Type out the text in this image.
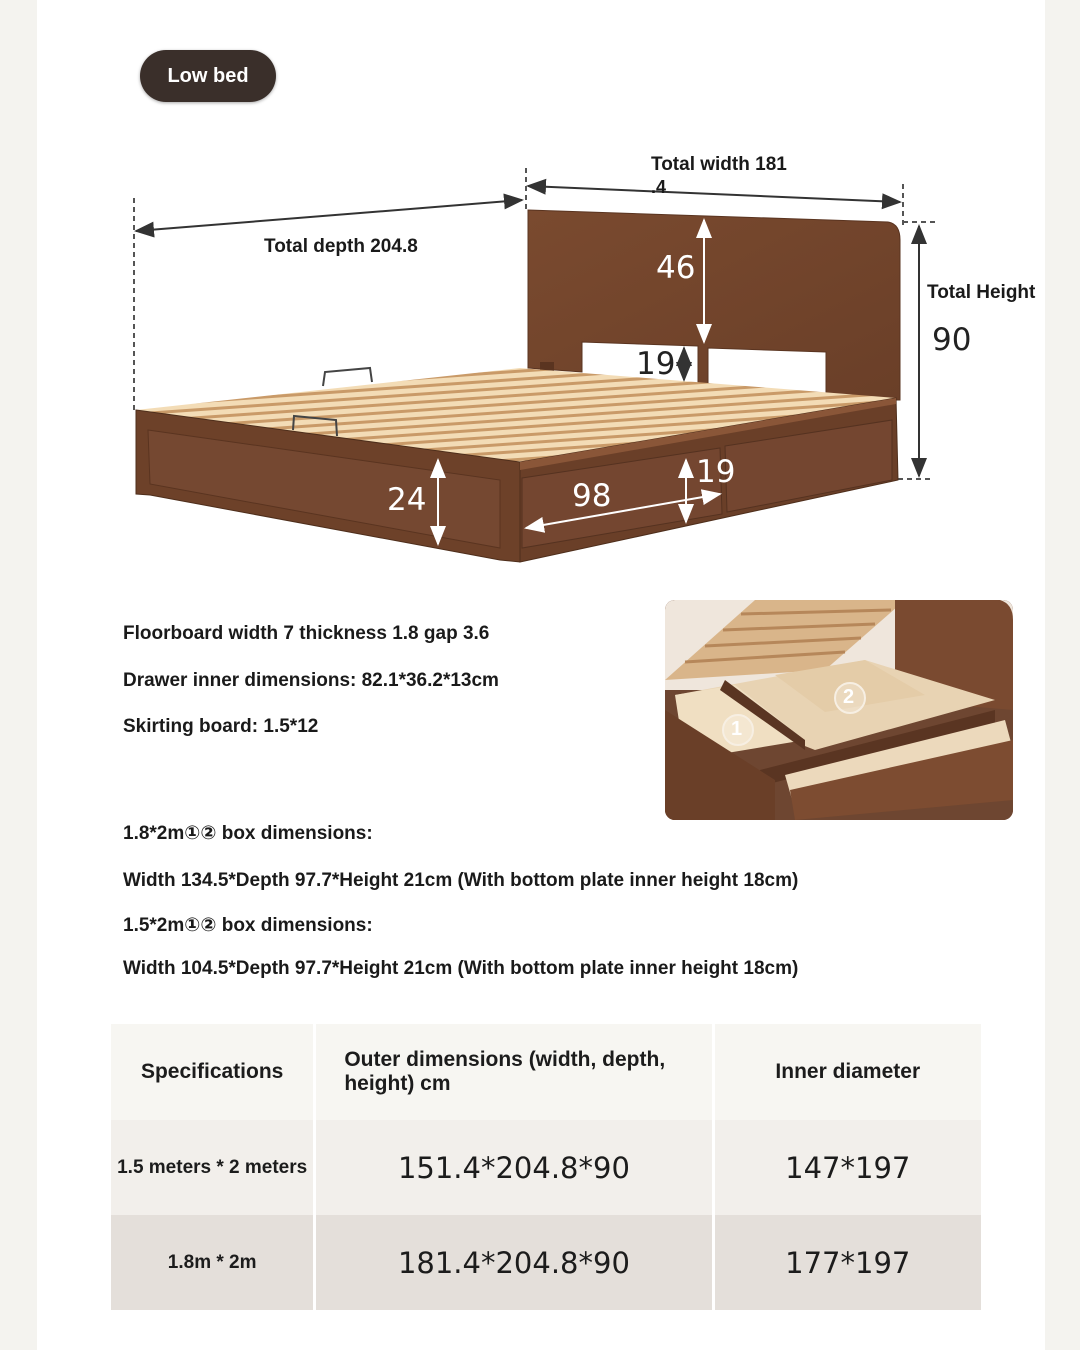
Low bed
Total width 181
.4
Total depth 204.8
Total Height
90
46
19
24	98
19
Floorboard width 7 thickness 1.8 gap 3.6
Drawer inner dimensions: 82.1*36.2*13cm
Skirting board: 1.5*12
1.8*2m①② box dimensions:
Width 134.5*Depth 97.7*Height 21cm (With bottom plate inner height 18cm)
1.5*2m①② box dimensions:
Width 104.5*Depth 97.7*Height 21cm (With bottom plate inner height 18cm)
1
2
Specifications	Outer dimensions (width, depth, height) cm	Inner diameter
1.5 meters * 2 meters	151.4*204.8*90	147*197
1.8m * 2m	181.4*204.8*90	177*197
